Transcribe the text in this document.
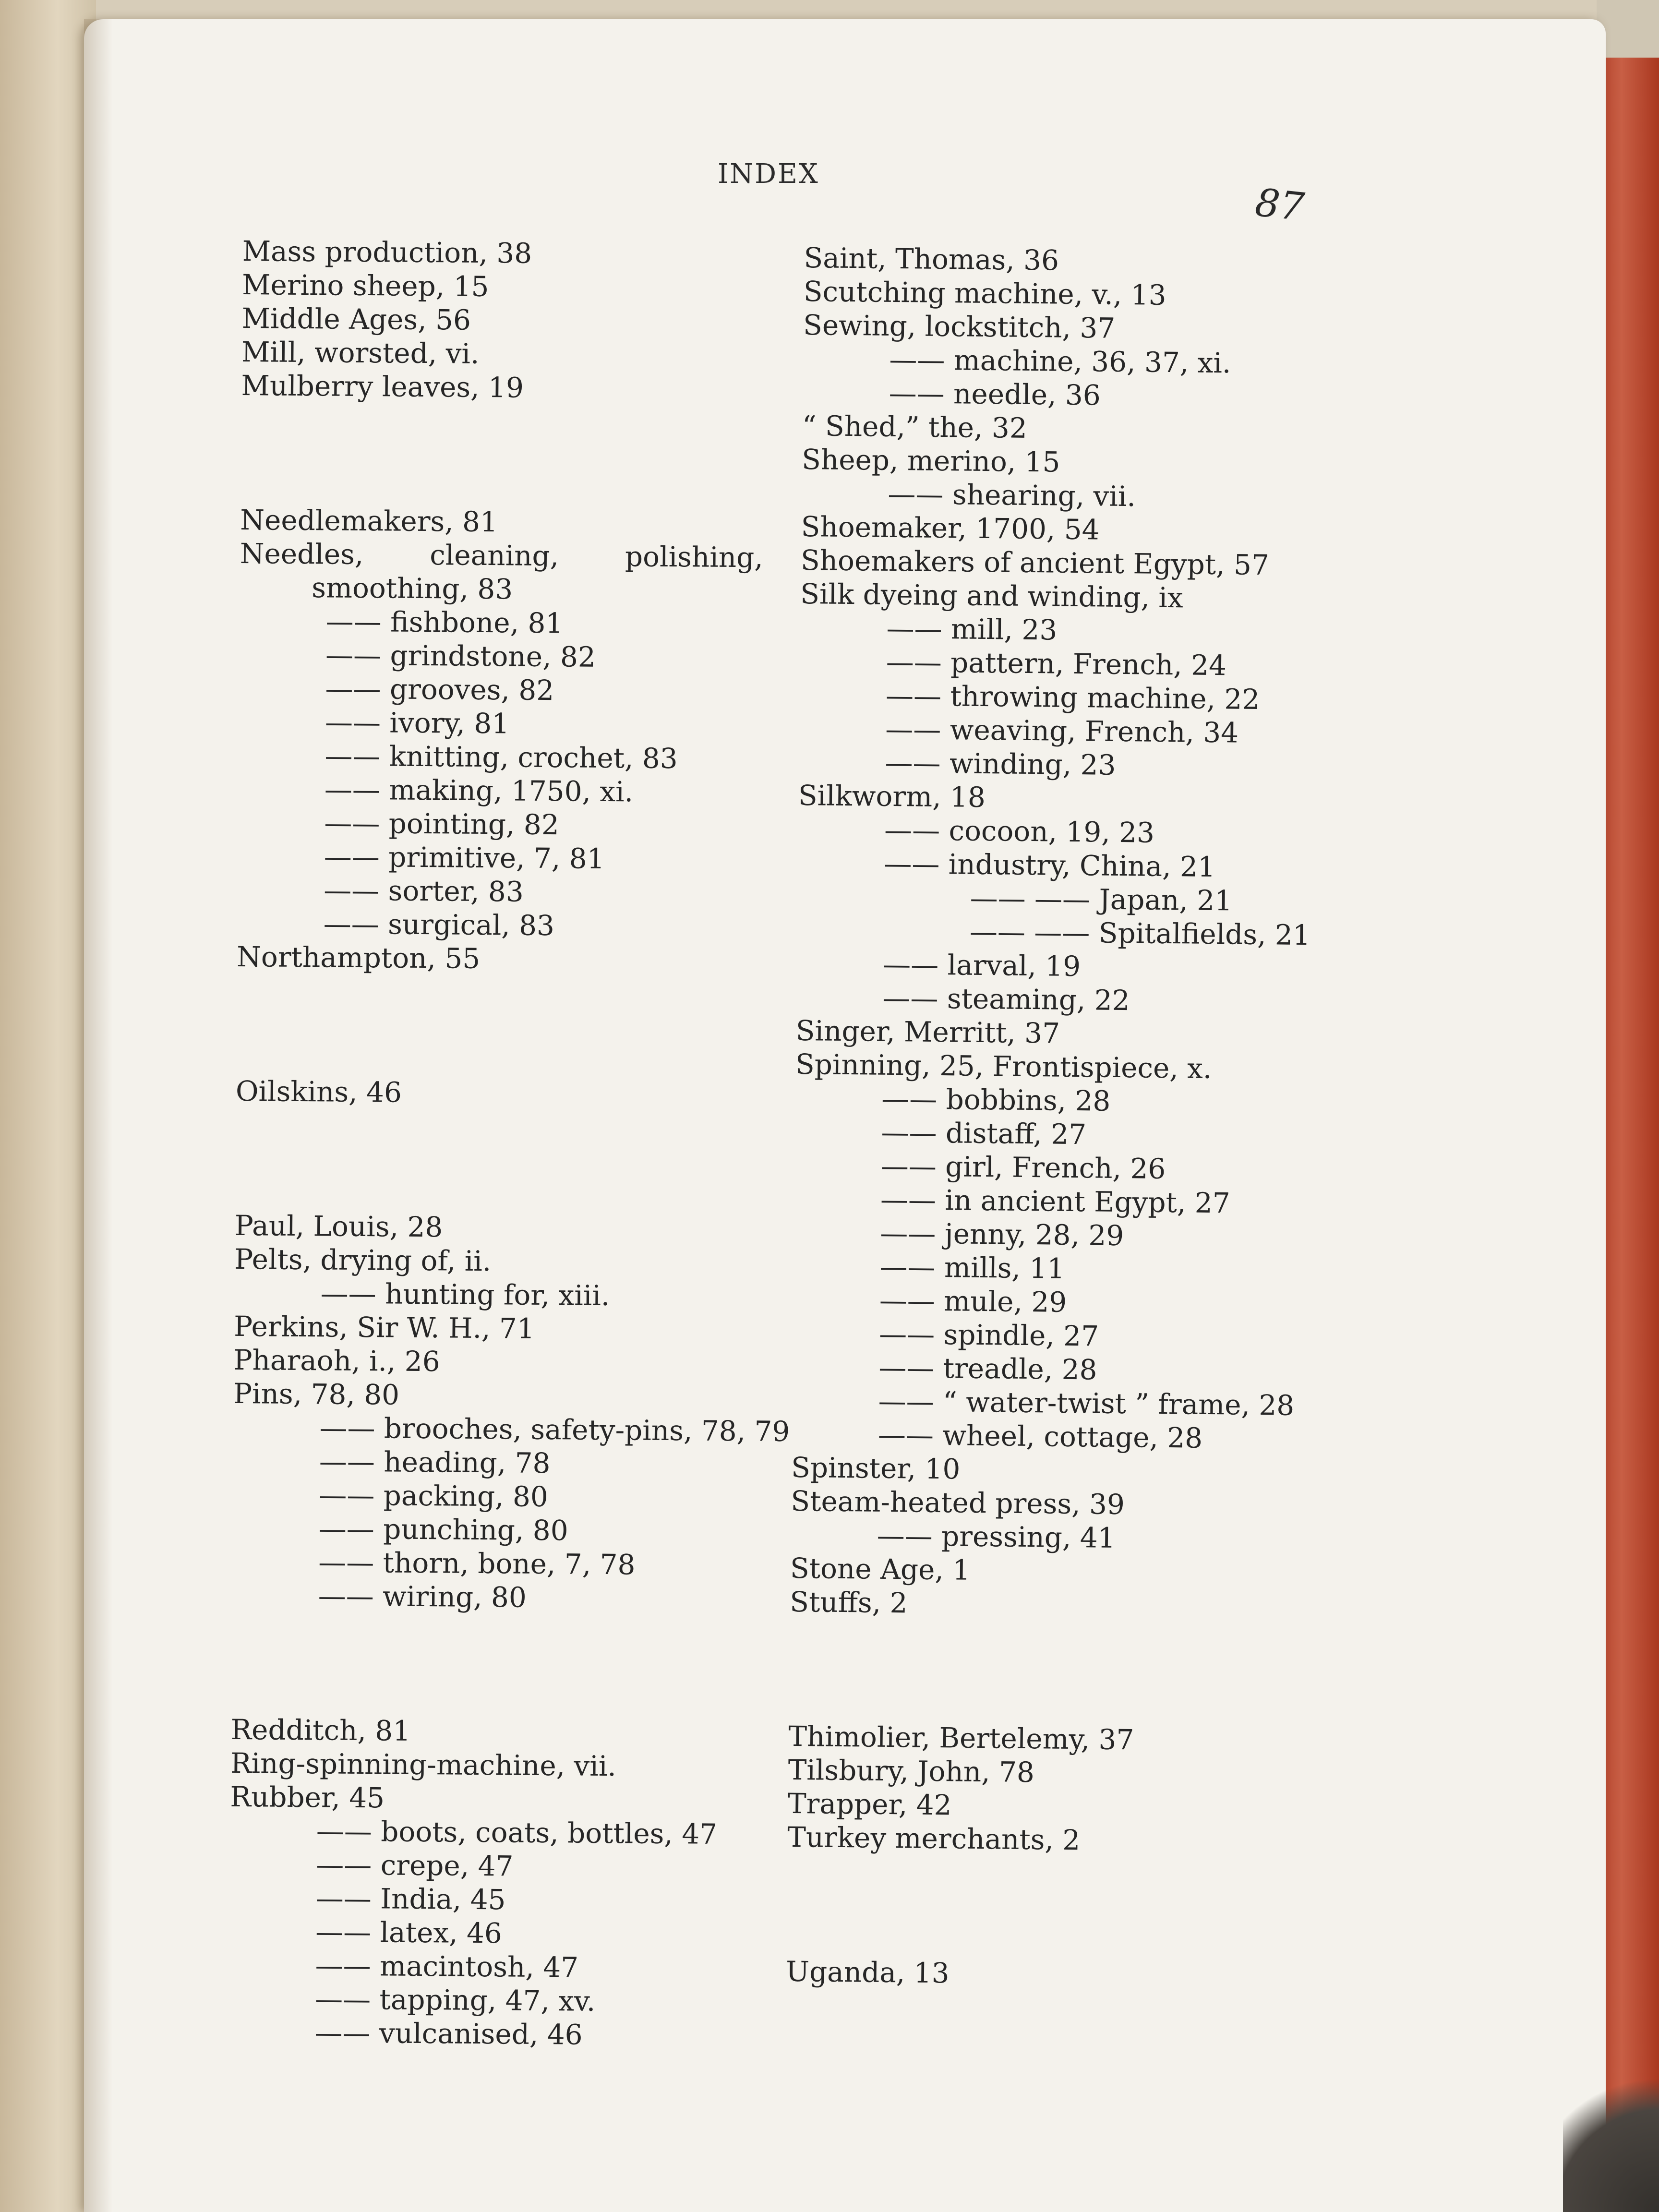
INDEX
87
Mass production, 38
Merino sheep, 15
Middle Ages, 56
Mill, worsted, vi.
Mulberry leaves, 19
Needlemakers, 81
Needles, cleaning, polishing,
smoothing, 83
—— fishbone, 81
—— grindstone, 82
—— grooves, 82
—— ivory, 81
—— knitting, crochet, 83
—— making, 1750, xi.
—— pointing, 82
—— primitive, 7, 81
—— sorter, 83
—— surgical, 83
Northampton, 55
Oilskins, 46
Paul, Louis, 28
Pelts, drying of, ii.
—— hunting for, xiii.
Perkins, Sir W. H., 71
Pharaoh, i., 26
Pins, 78, 80
—— brooches, safety-pins, 78, 79
—— heading, 78
—— packing, 80
—— punching, 80
—— thorn, bone, 7, 78
—— wiring, 80
Redditch, 81
Ring-spinning-machine, vii.
Rubber, 45
—— boots, coats, bottles, 47
—— crepe, 47
—— India, 45
—— latex, 46
—— macintosh, 47
—— tapping, 47, xv.
—— vulcanised, 46
Saint, Thomas, 36
Scutching machine, v., 13
Sewing, lockstitch, 37
—— machine, 36, 37, xi.
—— needle, 36
“ Shed,” the, 32
Sheep, merino, 15
—— shearing, vii.
Shoemaker, 1700, 54
Shoemakers of ancient Egypt, 57
Silk dyeing and winding, ix
—— mill, 23
—— pattern, French, 24
—— throwing machine, 22
—— weaving, French, 34
—— winding, 23
Silkworm, 18
—— cocoon, 19, 23
—— industry, China, 21
—— —— Japan, 21
—— —— Spitalfields, 21
—— larval, 19
—— steaming, 22
Singer, Merritt, 37
Spinning, 25, Frontispiece, x.
—— bobbins, 28
—— distaff, 27
—— girl, French, 26
—— in ancient Egypt, 27
—— jenny, 28, 29
—— mills, 11
—— mule, 29
—— spindle, 27
—— treadle, 28
—— “ water-twist ” frame, 28
—— wheel, cottage, 28
Spinster, 10
Steam-heated press, 39
—— pressing, 41
Stone Age, 1
Stuffs, 2
Thimolier, Bertelemy, 37
Tilsbury, John, 78
Trapper, 42
Turkey merchants, 2
Uganda, 13
